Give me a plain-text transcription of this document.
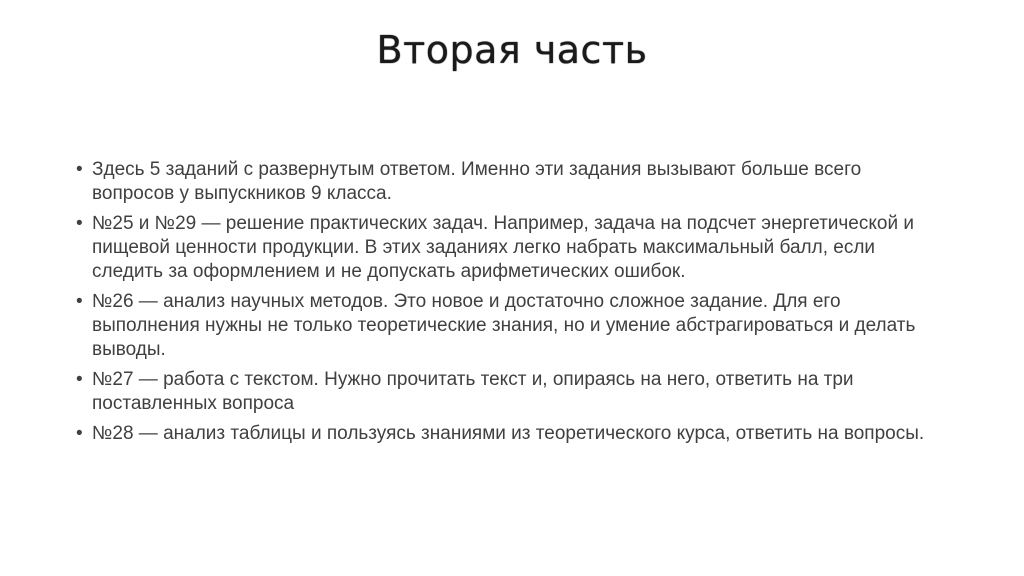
Вторая часть
• Здесь 5 заданий с развернутым ответом. Именно эти задания вызывают больше всего вопросов у выпускников 9 класса.
• №25 и №29 — решение практических задач. Например, задача на подсчет энергетической и пищевой ценности продукции. В этих заданиях легко набрать максимальный балл, если следить за оформлением и не допускать арифметических ошибок.
• №26 — анализ научных методов. Это новое и достаточно сложное задание. Для его выполнения нужны не только теоретические знания, но и умение абстрагироваться и делать выводы.
• №27 — работа с текстом. Нужно прочитать текст и, опираясь на него, ответить на три поставленных вопроса
• №28 — анализ таблицы и пользуясь знаниями из теоретического курса, ответить на вопросы.
